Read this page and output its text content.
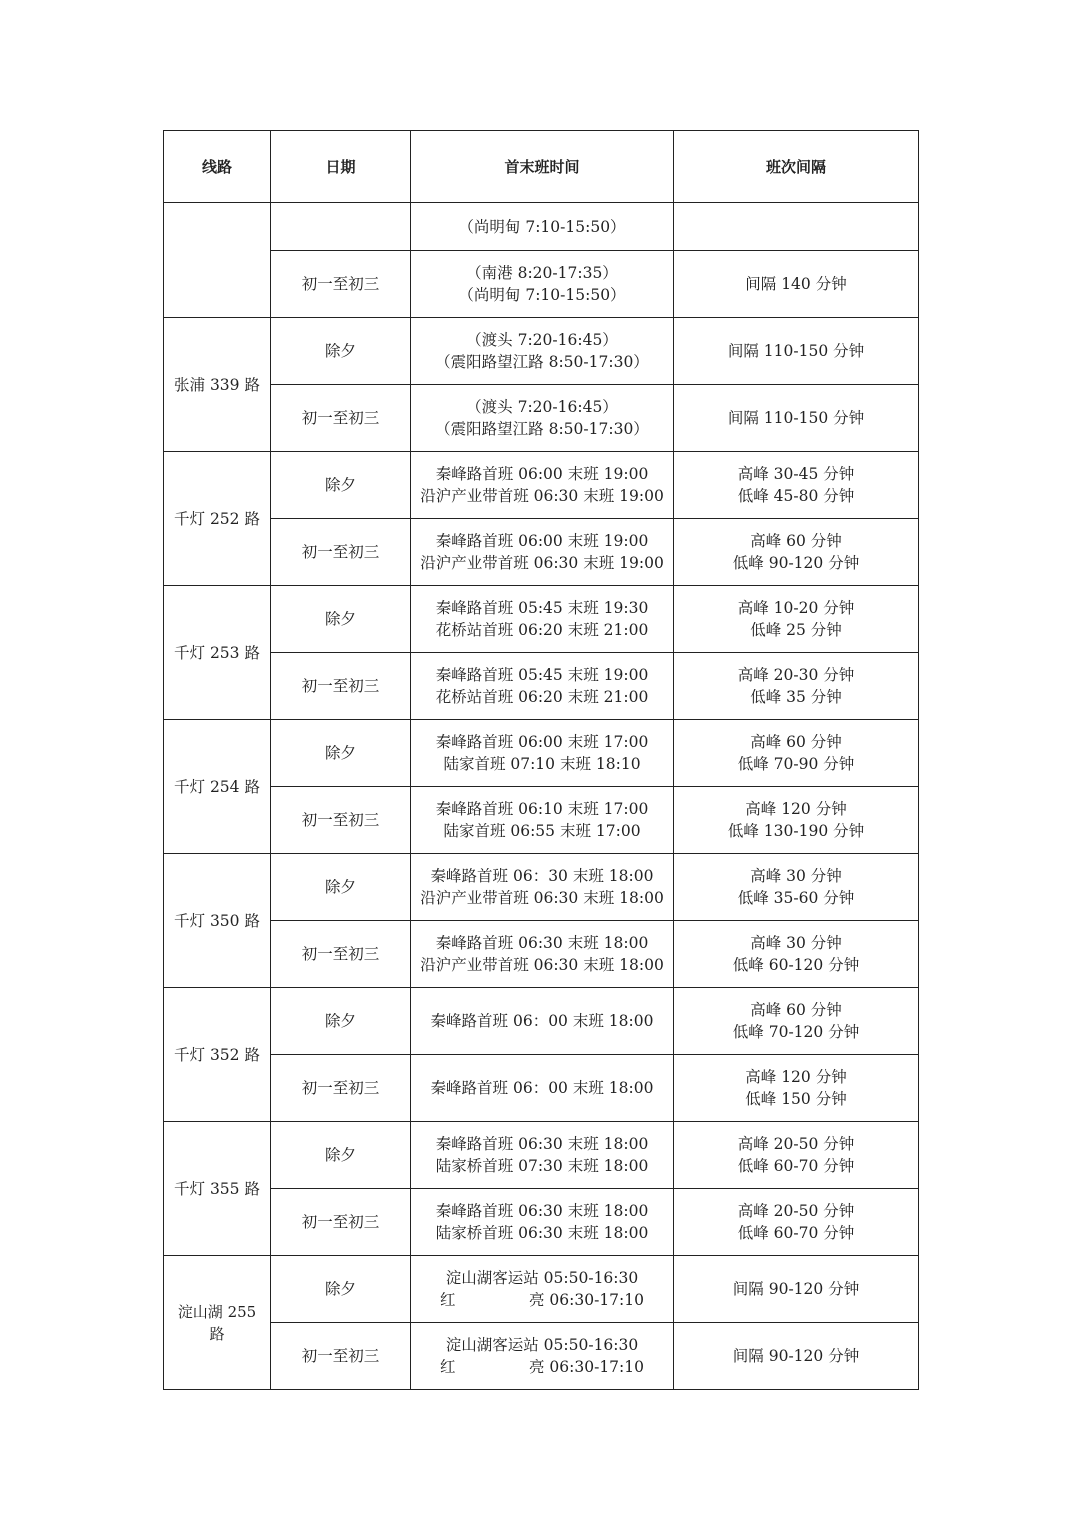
线路	日期	首末班时间	班次间隔

		（尚明甸 7:10-15:50）	

	初一至初三	（南港 8:20-17:35）
（尚明甸 7:10-15:50）	间隔 140 分钟

张浦 339 路	除夕	（渡头 7:20-16:45）
（震阳路望江路 8:50-17:30）	间隔 110-150 分钟

	初一至初三	（渡头 7:20-16:45）
（震阳路望江路 8:50-17:30）	间隔 110-150 分钟

千灯 252 路	除夕	秦峰路首班 06:00 末班 19:00
沿沪产业带首班 06:30 末班 19:00	高峰 30-45 分钟
低峰 45-80 分钟

	初一至初三	秦峰路首班 06:00 末班 19:00
沿沪产业带首班 06:30 末班 19:00	高峰 60 分钟
低峰 90-120 分钟

千灯 253 路	除夕	秦峰路首班 05:45 末班 19:30
花桥站首班 06:20 末班 21:00	高峰 10-20 分钟
低峰 25 分钟

	初一至初三	秦峰路首班 05:45 末班 19:00
花桥站首班 06:20 末班 21:00	高峰 20-30 分钟
低峰 35 分钟

千灯 254 路	除夕	秦峰路首班 06:00 末班 17:00
陆家首班 07:10 末班 18:10	高峰 60 分钟
低峰 70-90 分钟

	初一至初三	秦峰路首班 06:10 末班 17:00
陆家首班 06:55 末班 17:00	高峰 120 分钟
低峰 130-190 分钟

千灯 350 路	除夕	秦峰路首班 06：30 末班 18:00
沿沪产业带首班 06:30 末班 18:00	高峰 30 分钟
低峰 35-60 分钟

	初一至初三	秦峰路首班 06:30 末班 18:00
沿沪产业带首班 06:30 末班 18:00	高峰 30 分钟
低峰 60-120 分钟

千灯 352 路	除夕	秦峰路首班 06：00 末班 18:00	高峰 60 分钟
低峰 70-120 分钟

	初一至初三	秦峰路首班 06：00 末班 18:00	高峰 120 分钟
低峰 150 分钟

千灯 355 路	除夕	秦峰路首班 06:30 末班 18:00
陆家桥首班 07:30 末班 18:00	高峰 20-50 分钟
低峰 60-70 分钟

	初一至初三	秦峰路首班 06:30 末班 18:00
陆家桥首班 06:30 末班 18:00	高峰 20-50 分钟
低峰 60-70 分钟

淀山湖 255 路	除夕	淀山湖客运站 05:50-16:30
红 亮 06:30-17:10	间隔 90-120 分钟

	初一至初三	淀山湖客运站 05:50-16:30
红 亮 06:30-17:10	间隔 90-120 分钟
